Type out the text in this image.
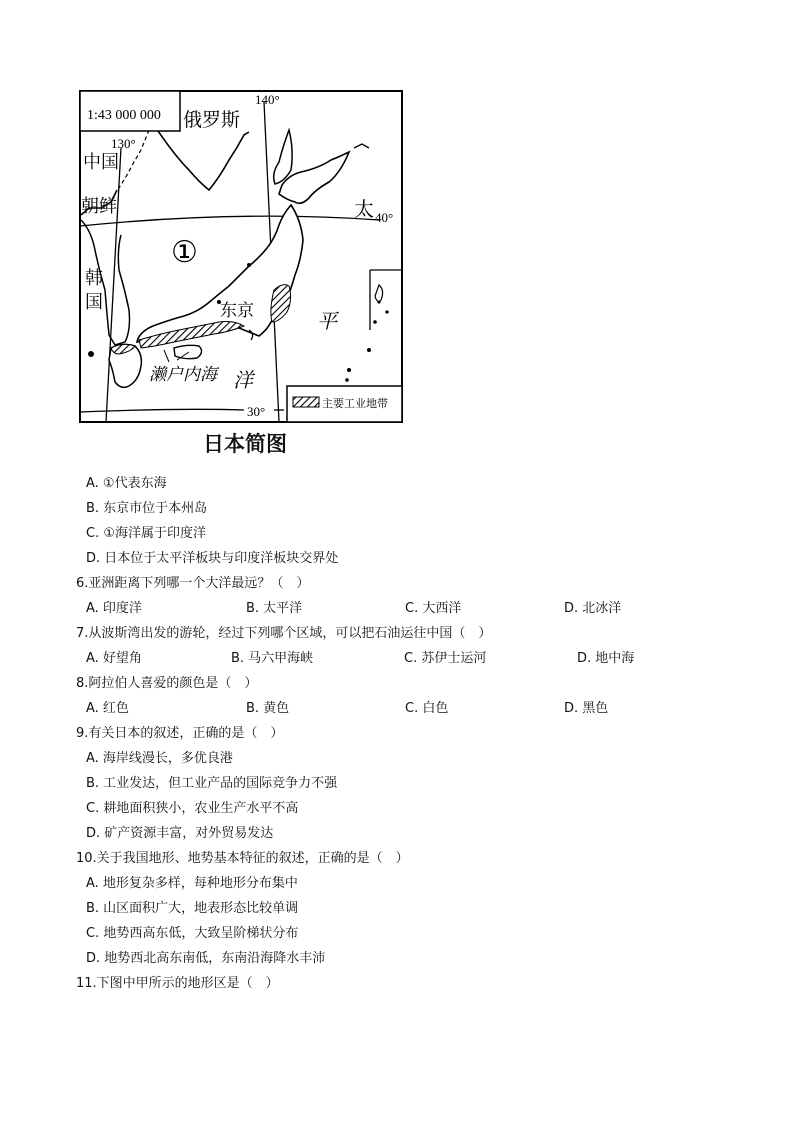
1:43 000 000 俄罗斯
中国
朝鲜
韩
国	东京
濑户内海
①
太
平
洋
140°
130°
40°
30°
主要工业地带
日本简图
A. ①代表东海
B. 东京市位于本州岛
C. ①海洋属于印度洋
D. 日本位于太平洋板块与印度洋板块交界处
6.亚洲距离下列哪一个大洋最远？（　）
A. 印度洋	B. 太平洋	C. 大西洋	D. 北冰洋
7.从波斯湾出发的游轮，经过下列哪个区域，可以把石油运往中国（　）
A. 好望角	B. 马六甲海峡	C. 苏伊士运河	D. 地中海
8.阿拉伯人喜爱的颜色是（　）
A. 红色	B. 黄色	C. 白色	D. 黑色
9.有关日本的叙述，正确的是（　）
A. 海岸线漫长，多优良港
B. 工业发达，但工业产品的国际竞争力不强
C. 耕地面积狭小，农业生产水平不高
D. 矿产资源丰富，对外贸易发达
10.关于我国地形、地势基本特征的叙述，正确的是（　）
A. 地形复杂多样，每种地形分布集中
B. 山区面积广大，地表形态比较单调
C. 地势西高东低，大致呈阶梯状分布
D. 地势西北高东南低，东南沿海降水丰沛
11.下图中甲所示的地形区是（　）
